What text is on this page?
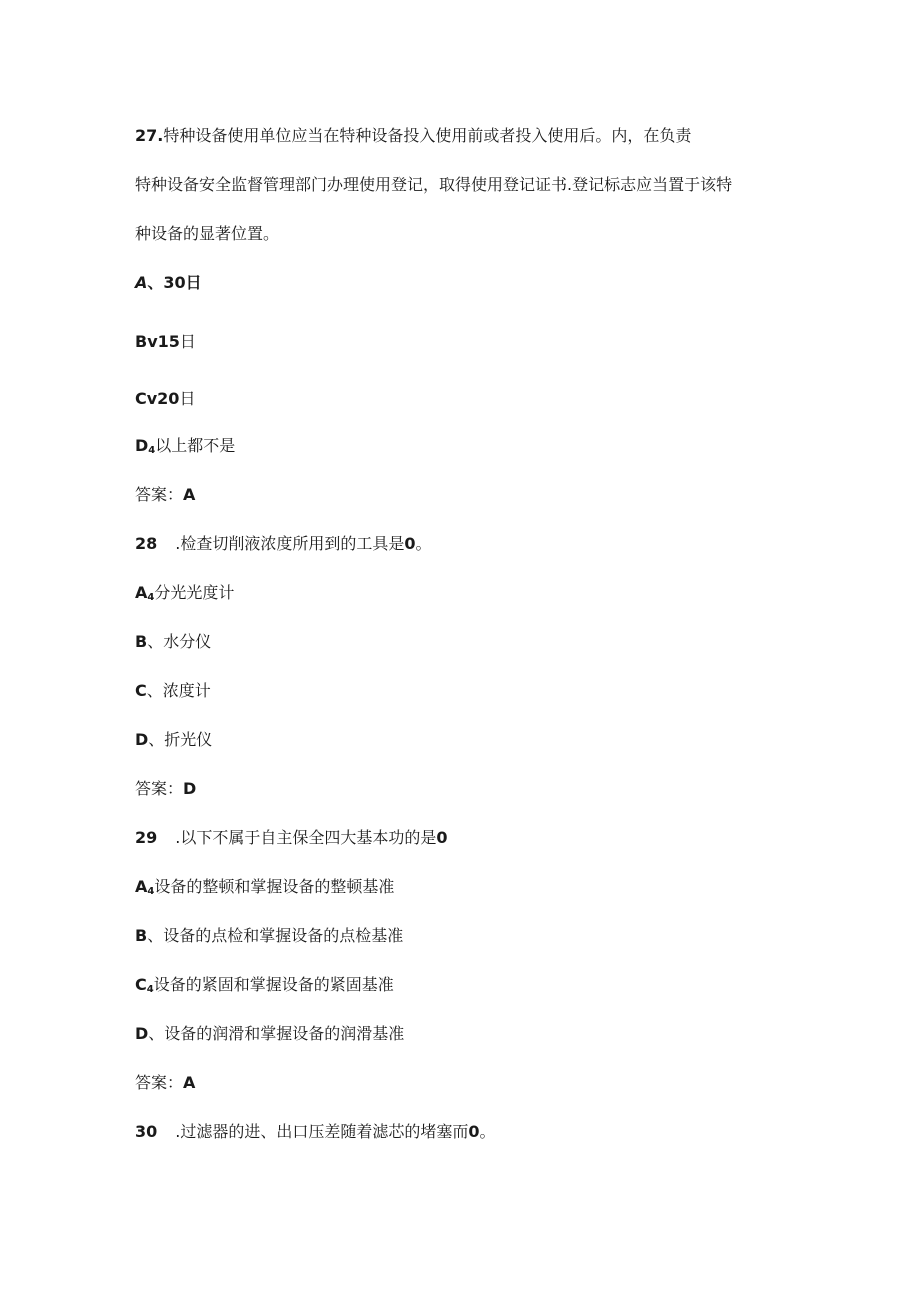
27.特种设备使用单位应当在特种设备投入使用前或者投入使用后。内，在负责
特种设备安全监督管理部门办理使用登记，取得使用登记证书.登记标志应当置于该特
种设备的显著位置。
A、30日
Bv15日
Cv20日
$D_4$以上都不是
答案：A
28 .检查切削液浓度所用到的工具是0。
$A_4$分光光度计
B、水分仪
C、浓度计
D、折光仪
答案：D
29 .以下不属于自主保全四大基本功的是0
$A_4$设备的整顿和掌握设备的整顿基准
B、设备的点检和掌握设备的点检基准
$C_4$设备的紧固和掌握设备的紧固基准
D、设备的润滑和掌握设备的润滑基准
答案：A
30 .过滤器的进、出口压差随着滤芯的堵塞而0。
